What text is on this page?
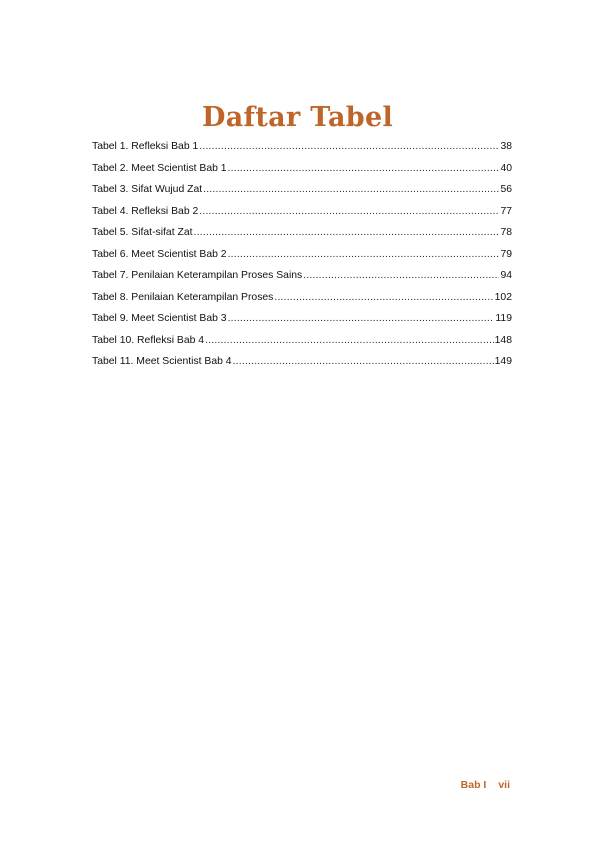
Daftar Tabel
Tabel 1. Refleksi Bab 1 .....	38
Tabel 2. Meet Scientist Bab 1 .....	40
Tabel 3. Sifat Wujud Zat .....	56
Tabel 4. Refleksi Bab 2 .....	77
Tabel 5. Sifat-sifat Zat .....	78
Tabel 6. Meet Scientist Bab 2 .....	79
Tabel 7. Penilaian Keterampilan Proses Sains .....	94
Tabel 8. Penilaian Keterampilan Proses .....	102
Tabel 9. Meet Scientist Bab 3 .....	119
Tabel 10. Refleksi Bab 4 .....	148
Tabel 11. Meet Scientist Bab 4 .....	149
Bab I vii
